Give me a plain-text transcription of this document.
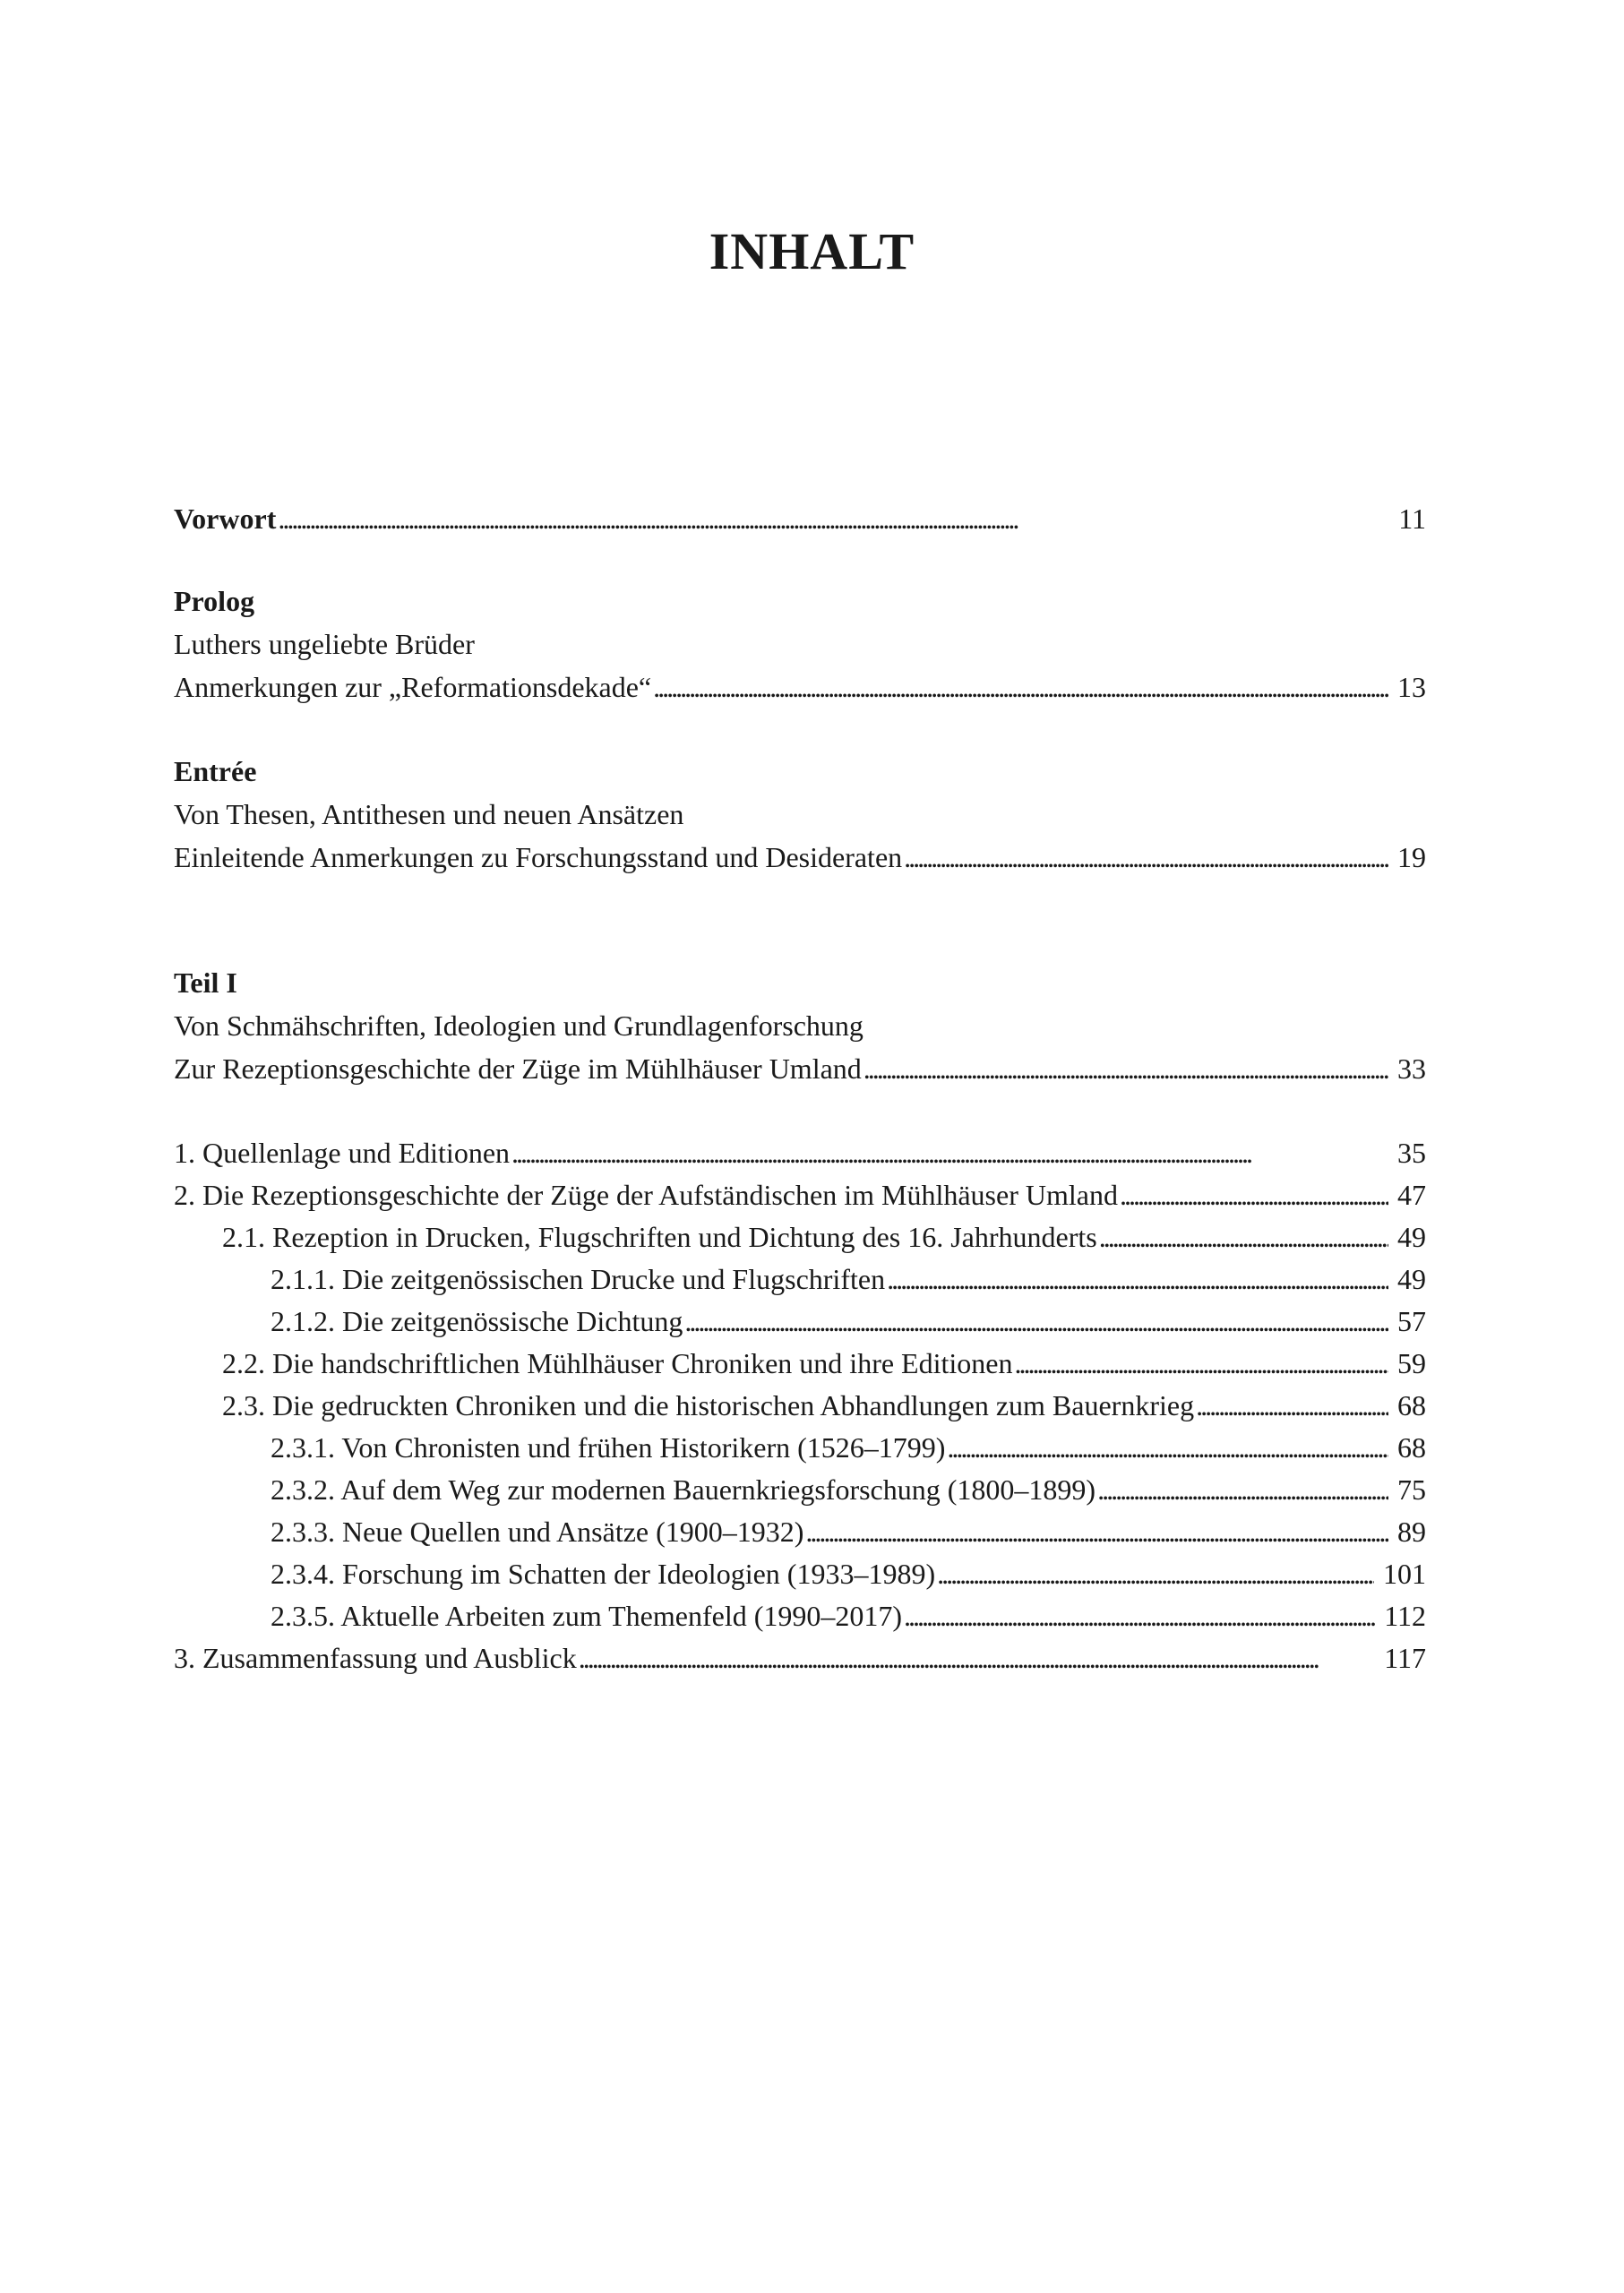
INHALT
Vorwort . . .	11
Prolog
Luthers ungeliebte Brüder
Anmerkungen zur „Reformationsdekade“ . . .	13
Entrée
Von Thesen, Antithesen und neuen Ansätzen
Einleitende Anmerkungen zu Forschungsstand und Desideraten . . .	19
Teil I
Von Schmähschriften, Ideologien und Grundlagenforschung
Zur Rezeptionsgeschichte der Züge im Mühlhäuser Umland . . .	33
1. Quellenlage und Editionen . . .	35
2. Die Rezeptionsgeschichte der Züge der Aufständischen im Mühlhäuser Umland . . .	47
2.1. Rezeption in Drucken, Flugschriften und Dichtung des 16. Jahrhunderts . . .	49
2.1.1. Die zeitgenössischen Drucke und Flugschriften . . .	49
2.1.2. Die zeitgenössische Dichtung . . .	57
2.2. Die handschriftlichen Mühlhäuser Chroniken und ihre Editionen . . .	59
2.3. Die gedruckten Chroniken und die historischen Abhandlungen zum Bauernkrieg . . .	68
2.3.1. Von Chronisten und frühen Historikern (1526–1799) . . .	68
2.3.2. Auf dem Weg zur modernen Bauernkriegsforschung (1800–1899) . . .	75
2.3.3. Neue Quellen und Ansätze (1900–1932) . . .	89
2.3.4. Forschung im Schatten der Ideologien (1933–1989) . . .	101
2.3.5. Aktuelle Arbeiten zum Themenfeld (1990–2017) . . .	112
3. Zusammenfassung und Ausblick . . .	117
